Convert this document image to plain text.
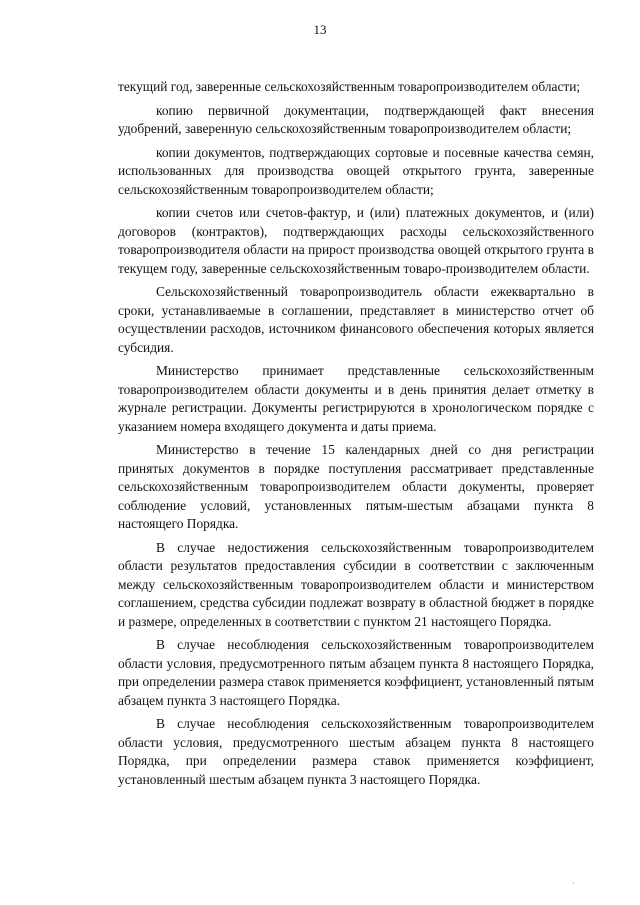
13

текущий год, заверенные сельскохозяйственным товаропроизводителем области;

копию первичной документации, подтверждающей факт внесения удобрений, заверенную сельскохозяйственным товаропроизводителем области;

копии документов, подтверждающих сортовые и посевные качества семян, использованных для производства овощей открытого грунта, заверенные сельскохозяйственным товаропроизводителем области;

копии счетов или счетов-фактур, и (или) платежных документов, и (или) договоров (контрактов), подтверждающих расходы сельскохозяйственного товаропроизводителя области на прирост производства овощей открытого грунта в текущем году, заверенные сельскохозяйственным товаро-производителем области.

Сельскохозяйственный товаропроизводитель области ежеквартально в сроки, устанавливаемые в соглашении, представляет в министерство отчет об осуществлении расходов, источником финансового обеспечения которых является субсидия.

Министерство принимает представленные сельскохозяйственным товаропроизводителем области документы и в день принятия делает отметку в журнале регистрации. Документы регистрируются в хронологическом порядке с указанием номера входящего документа и даты приема.

Министерство в течение 15 календарных дней со дня регистрации принятых документов в порядке поступления рассматривает представленные сельскохозяйственным товаропроизводителем области документы, проверяет соблюдение условий, установленных пятым-шестым абзацами пункта 8 настоящего Порядка.

В случае недостижения сельскохозяйственным товаропроизводителем области результатов предоставления субсидии в соответствии с заключенным между сельскохозяйственным товаропроизводителем области и министерством соглашением, средства субсидии подлежат возврату в областной бюджет в порядке и размере, определенных в соответствии с пунктом 21 настоящего Порядка.

В случае несоблюдения сельскохозяйственным товаропроизводителем области условия, предусмотренного пятым абзацем пункта 8 настоящего Порядка, при определении размера ставок применяется коэффициент, установленный пятым абзацем пункта 3 настоящего Порядка.

В случае несоблюдения сельскохозяйственным товаропроизводителем области условия, предусмотренного шестым абзацем пункта 8 настоящего Порядка, при определении размера ставок применяется коэффициент, установленный шестым абзацем пункта 3 настоящего Порядка.

·
